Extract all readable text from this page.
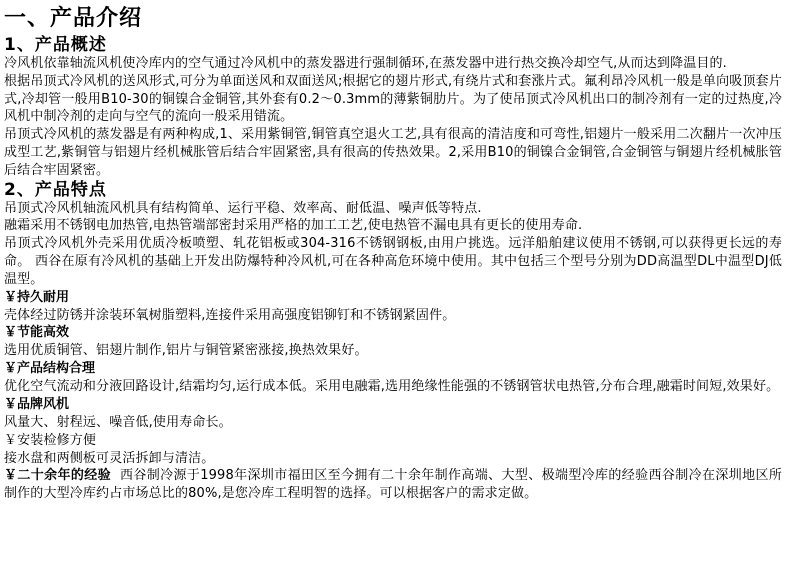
一、产品介绍
1、产品概述

冷风机依靠轴流风机使冷库内的空气通过冷风机中的蒸发器进行强制循环,在蒸发器中进行热交换冷却空气,从而达到降温目的.

根据吊顶式冷风机的送风形式,可分为单面送风和双面送风;根据它的翅片形式,有绕片式和套涨片式。氟利昂冷风机一般是单向吸顶套片式,冷却管一般用B10-30的铜镍合金铜管,其外套有0.2～0.3mm的薄紫铜肋片。为了使吊顶式冷风机出口的制冷剂有一定的过热度,冷风机中制冷剂的走向与空气的流向一般采用错流。

吊顶式冷风机的蒸发器是有两种构成,1、采用紫铜管,铜管真空退火工艺,具有很高的清洁度和可弯性,铝翅片一般采用二次翻片一次冲压成型工艺,紫铜管与铝翅片经机械胀管后结合牢固紧密,具有很高的传热效果。2,采用B10的铜镍合金铜管,合金铜管与铜翅片经机械胀管后结合牢固紧密。

2、产品特点

吊顶式冷风机轴流风机具有结构简单、运行平稳、效率高、耐低温、噪声低等特点.

融霜采用不锈钢电加热管,电热管端部密封采用严格的加工工艺,使电热管不漏电具有更长的使用寿命.

吊顶式冷风机外壳采用优质冷板喷塑、轧花铝板或304-316不锈钢钢板,由用户挑选。远洋船舶建议使用不锈钢,可以获得更长远的寿命。 西谷在原有冷风机的基础上开发出防爆特种冷风机,可在各种高危环境中使用。其中包括三个型号分别为DD高温型DL中温型DJ低温型。

￥持久耐用

壳体经过防锈并涂装环氧树脂塑料,连接件采用高强度铝铆钉和不锈钢紧固件。

￥节能高效

选用优质铜管、铝翅片制作,铝片与铜管紧密涨接,换热效果好。

￥产品结构合理

优化空气流动和分液回路设计,结霜均匀,运行成本低。采用电融霜,选用绝缘性能强的不锈钢管状电热管,分布合理,融霜时间短,效果好。

￥品牌风机

风量大、射程远、噪音低,使用寿命长。

￥安装检修方便

接水盘和两侧板可灵活拆卸与清洁。

￥二十余年的经验 西谷制冷源于1998年深圳市福田区至今拥有二十余年制作高端、大型、极端型冷库的经验西谷制冷在深圳地区所制作的大型冷库约占市场总比的80%,是您冷库工程明智的选择。可以根据客户的需求定做。
